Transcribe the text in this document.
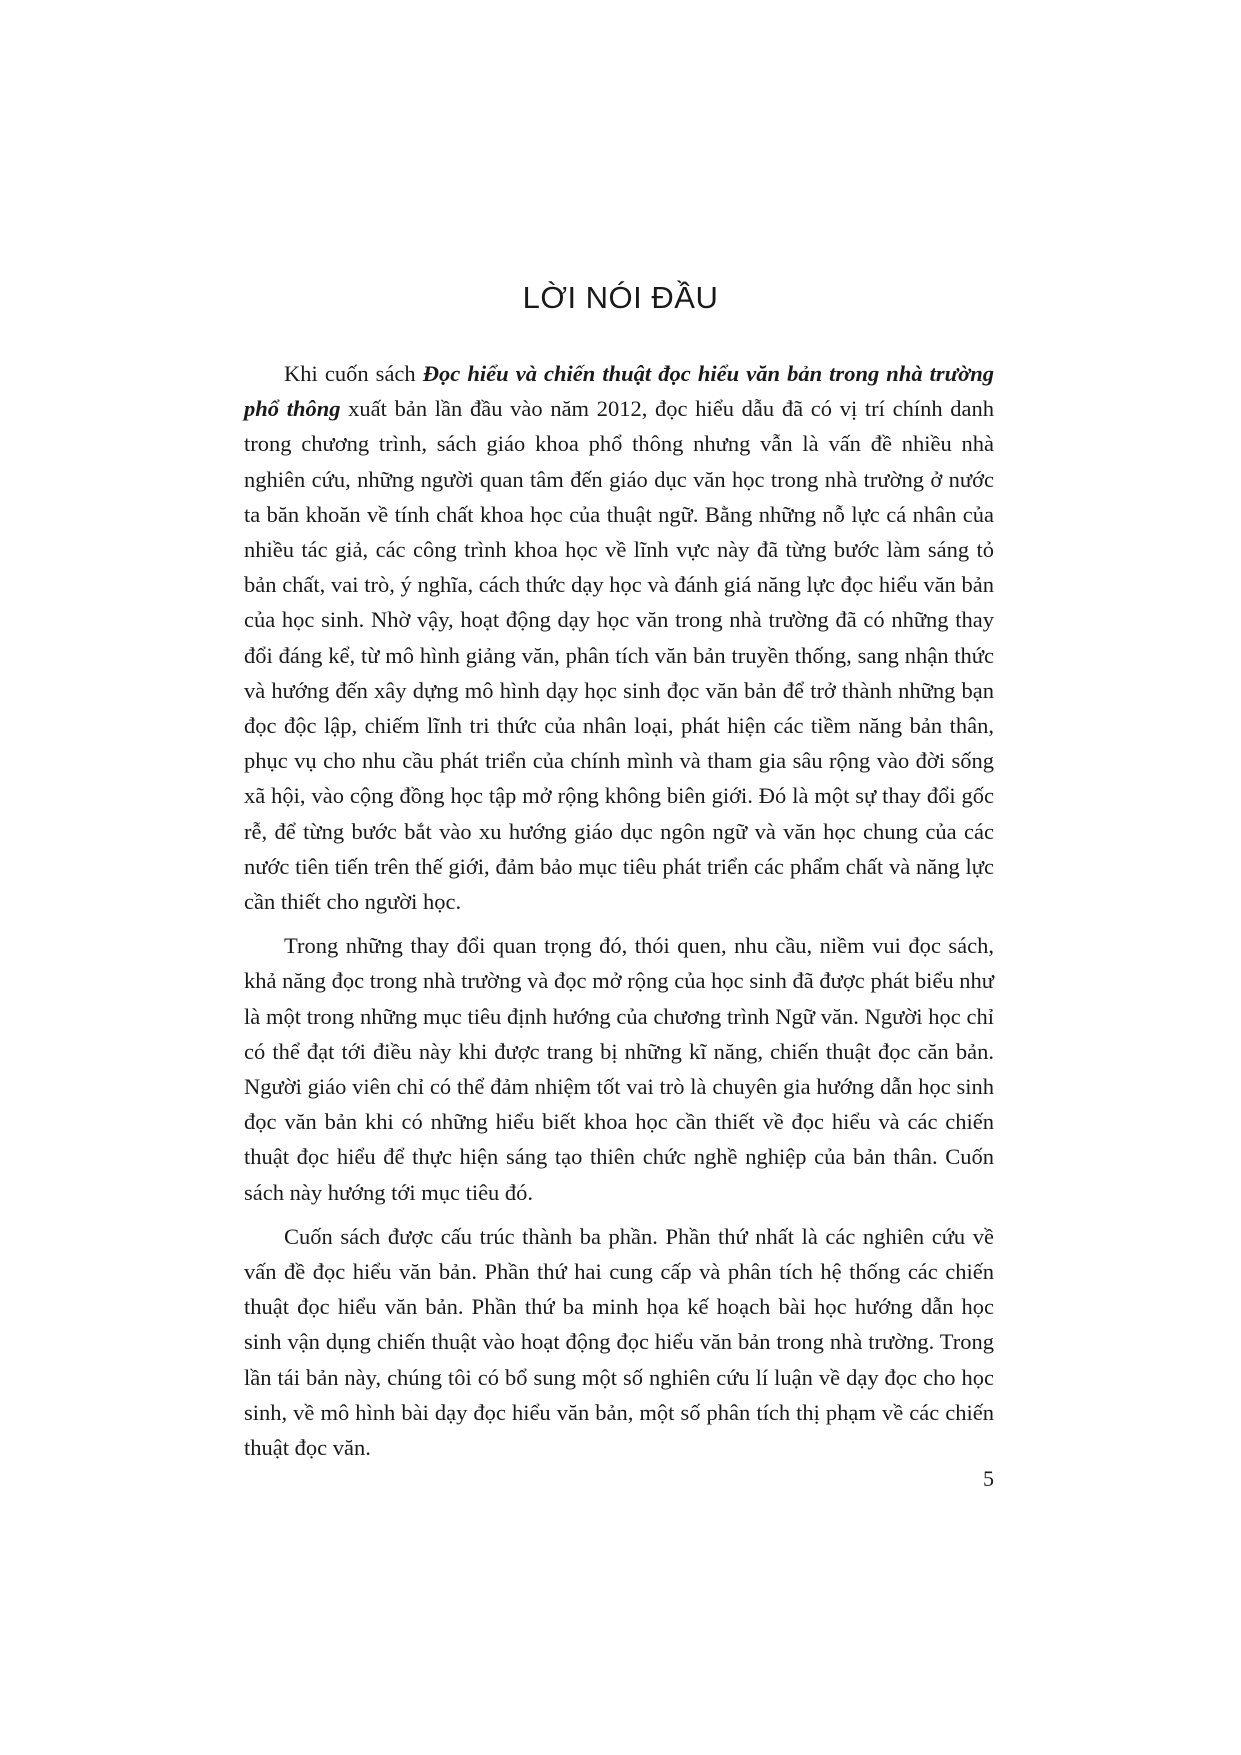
LỜI NÓI ĐẦU

Khi cuốn sách Đọc hiểu và chiến thuật đọc hiểu văn bản trong nhà trường phổ thông xuất bản lần đầu vào năm 2012, đọc hiểu dẫu đã có vị trí chính danh trong chương trình, sách giáo khoa phổ thông nhưng vẫn là vấn đề nhiều nhà nghiên cứu, những người quan tâm đến giáo dục văn học trong nhà trường ở nước ta băn khoăn về tính chất khoa học của thuật ngữ. Bằng những nỗ lực cá nhân của nhiều tác giả, các công trình khoa học về lĩnh vực này đã từng bước làm sáng tỏ bản chất, vai trò, ý nghĩa, cách thức dạy học và đánh giá năng lực đọc hiểu văn bản của học sinh. Nhờ vậy, hoạt động dạy học văn trong nhà trường đã có những thay đổi đáng kể, từ mô hình giảng văn, phân tích văn bản truyền thống, sang nhận thức và hướng đến xây dựng mô hình dạy học sinh đọc văn bản để trở thành những bạn đọc độc lập, chiếm lĩnh tri thức của nhân loại, phát hiện các tiềm năng bản thân, phục vụ cho nhu cầu phát triển của chính mình và tham gia sâu rộng vào đời sống xã hội, vào cộng đồng học tập mở rộng không biên giới. Đó là một sự thay đổi gốc rễ, để từng bước bắt vào xu hướng giáo dục ngôn ngữ và văn học chung của các nước tiên tiến trên thế giới, đảm bảo mục tiêu phát triển các phẩm chất và năng lực cần thiết cho người học.

Trong những thay đổi quan trọng đó, thói quen, nhu cầu, niềm vui đọc sách, khả năng đọc trong nhà trường và đọc mở rộng của học sinh đã được phát biểu như là một trong những mục tiêu định hướng của chương trình Ngữ văn. Người học chỉ có thể đạt tới điều này khi được trang bị những kĩ năng, chiến thuật đọc căn bản. Người giáo viên chỉ có thể đảm nhiệm tốt vai trò là chuyên gia hướng dẫn học sinh đọc văn bản khi có những hiểu biết khoa học cần thiết về đọc hiểu và các chiến thuật đọc hiểu để thực hiện sáng tạo thiên chức nghề nghiệp của bản thân. Cuốn sách này hướng tới mục tiêu đó.

Cuốn sách được cấu trúc thành ba phần. Phần thứ nhất là các nghiên cứu về vấn đề đọc hiểu văn bản. Phần thứ hai cung cấp và phân tích hệ thống các chiến thuật đọc hiểu văn bản. Phần thứ ba minh họa kế hoạch bài học hướng dẫn học sinh vận dụng chiến thuật vào hoạt động đọc hiểu văn bản trong nhà trường. Trong lần tái bản này, chúng tôi có bổ sung một số nghiên cứu lí luận về dạy đọc cho học sinh, về mô hình bài dạy đọc hiểu văn bản, một số phân tích thị phạm về các chiến thuật đọc văn.

5
